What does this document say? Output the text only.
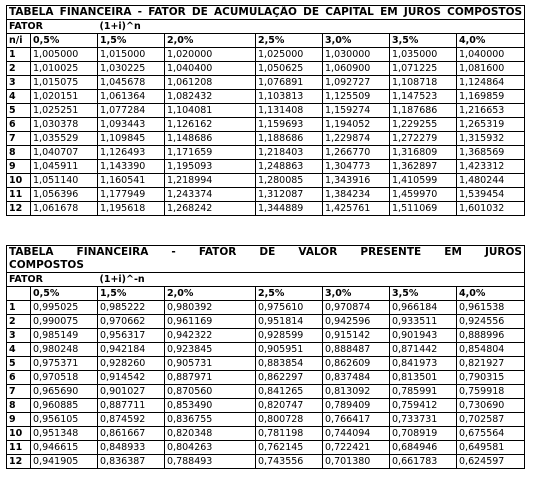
TABELA FINANCEIRA - FATOR DE ACUMULAÇÃO DE CAPITAL EM JUROS COMPOSTOS							
FATOR		(1+i)^n					
n/i	0,5%	1,5%	2,0%	2,5%	3,0%	3,5%	4,0%
1	1,005000	1,015000	1,020000	1,025000	1,030000	1,035000	1,040000
2	1,010025	1,030225	1,040400	1,050625	1,060900	1,071225	1,081600
3	1,015075	1,045678	1,061208	1,076891	1,092727	1,108718	1,124864
4	1,020151	1,061364	1,082432	1,103813	1,125509	1,147523	1,169859
5	1,025251	1,077284	1,104081	1,131408	1,159274	1,187686	1,216653
6	1,030378	1,093443	1,126162	1,159693	1,194052	1,229255	1,265319
7	1,035529	1,109845	1,148686	1,188686	1,229874	1,272279	1,315932
8	1,040707	1,126493	1,171659	1,218403	1,266770	1,316809	1,368569
9	1,045911	1,143390	1,195093	1,248863	1,304773	1,362897	1,423312
10	1,051140	1,160541	1,218994	1,280085	1,343916	1,410599	1,480244
11	1,056396	1,177949	1,243374	1,312087	1,384234	1,459970	1,539454
12	1,061678	1,195618	1,268242	1,344889	1,425761	1,511069	1,601032
TABELA FINANCEIRA - FATOR DE VALOR PRESENTE EM JUROS
COMPOSTOS							

FATOR		(1+i)^-n					
	0,5%	1,5%	2,0%	2,5%	3,0%	3,5%	4,0%
1	0,995025	0,985222	0,980392	0,975610	0,970874	0,966184	0,961538
2	0,990075	0,970662	0,961169	0,951814	0,942596	0,933511	0,924556
3	0,985149	0,956317	0,942322	0,928599	0,915142	0,901943	0,888996
4	0,980248	0,942184	0,923845	0,905951	0,888487	0,871442	0,854804
5	0,975371	0,928260	0,905731	0,883854	0,862609	0,841973	0,821927
6	0,970518	0,914542	0,887971	0,862297	0,837484	0,813501	0,790315
7	0,965690	0,901027	0,870560	0,841265	0,813092	0,785991	0,759918
8	0,960885	0,887711	0,853490	0,820747	0,789409	0,759412	0,730690
9	0,956105	0,874592	0,836755	0,800728	0,766417	0,733731	0,702587
10	0,951348	0,861667	0,820348	0,781198	0,744094	0,708919	0,675564
11	0,946615	0,848933	0,804263	0,762145	0,722421	0,684946	0,649581
12	0,941905	0,836387	0,788493	0,743556	0,701380	0,661783	0,624597
